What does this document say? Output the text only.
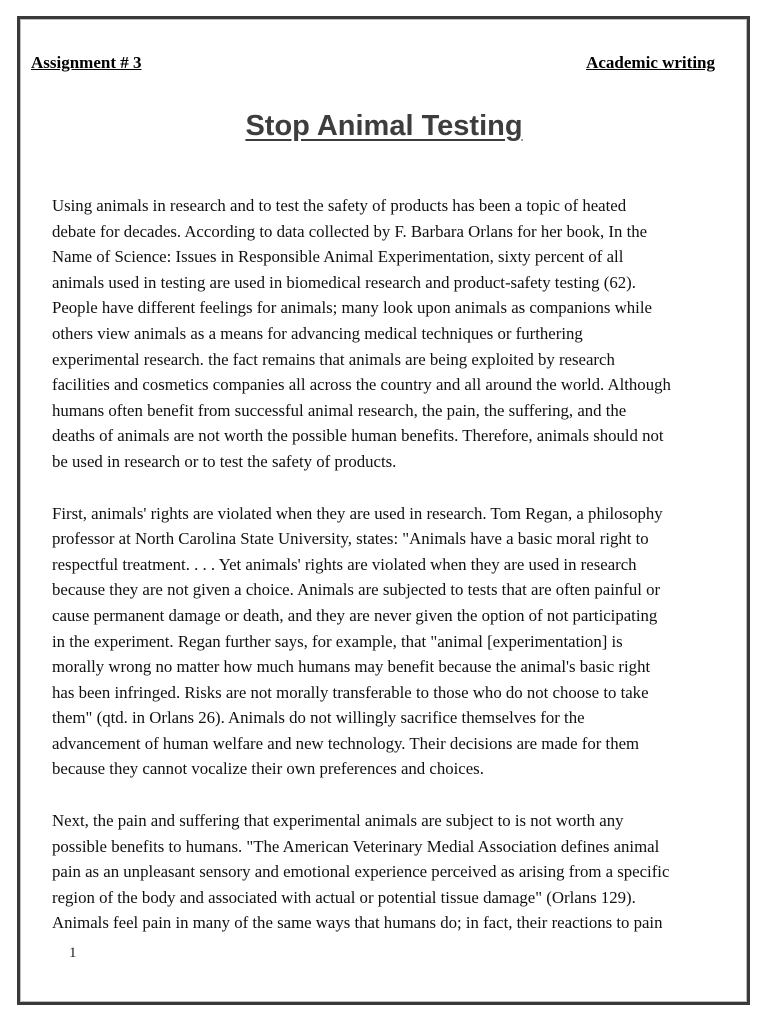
Assignment # 3	Academic writing
Stop Animal Testing

Using animals in research and to test the safety of products has been a topic of heated
debate for decades. According to data collected by F. Barbara Orlans for her book, In the
Name of Science: Issues in Responsible Animal Experimentation, sixty percent of all
animals used in testing are used in biomedical research and product-safety testing (62).
People have different feelings for animals; many look upon animals as companions while
others view animals as a means for advancing medical techniques or furthering
experimental research. the fact remains that animals are being exploited by research
facilities and cosmetics companies all across the country and all around the world. Although
humans often benefit from successful animal research, the pain, the suffering, and the
deaths of animals are not worth the possible human benefits. Therefore, animals should not
be used in research or to test the safety of products.

First, animals' rights are violated when they are used in research. Tom Regan, a philosophy
professor at North Carolina State University, states: "Animals have a basic moral right to
respectful treatment. . . . Yet animals' rights are violated when they are used in research
because they are not given a choice. Animals are subjected to tests that are often painful or
cause permanent damage or death, and they are never given the option of not participating
in the experiment. Regan further says, for example, that "animal [experimentation] is
morally wrong no matter how much humans may benefit because the animal's basic right
has been infringed. Risks are not morally transferable to those who do not choose to take
them" (qtd. in Orlans 26). Animals do not willingly sacrifice themselves for the
advancement of human welfare and new technology. Their decisions are made for them
because they cannot vocalize their own preferences and choices.

Next, the pain and suffering that experimental animals are subject to is not worth any
possible benefits to humans. "The American Veterinary Medial Association defines animal
pain as an unpleasant sensory and emotional experience perceived as arising from a specific
region of the body and associated with actual or potential tissue damage" (Orlans 129).
Animals feel pain in many of the same ways that humans do; in fact, their reactions to pain

1
